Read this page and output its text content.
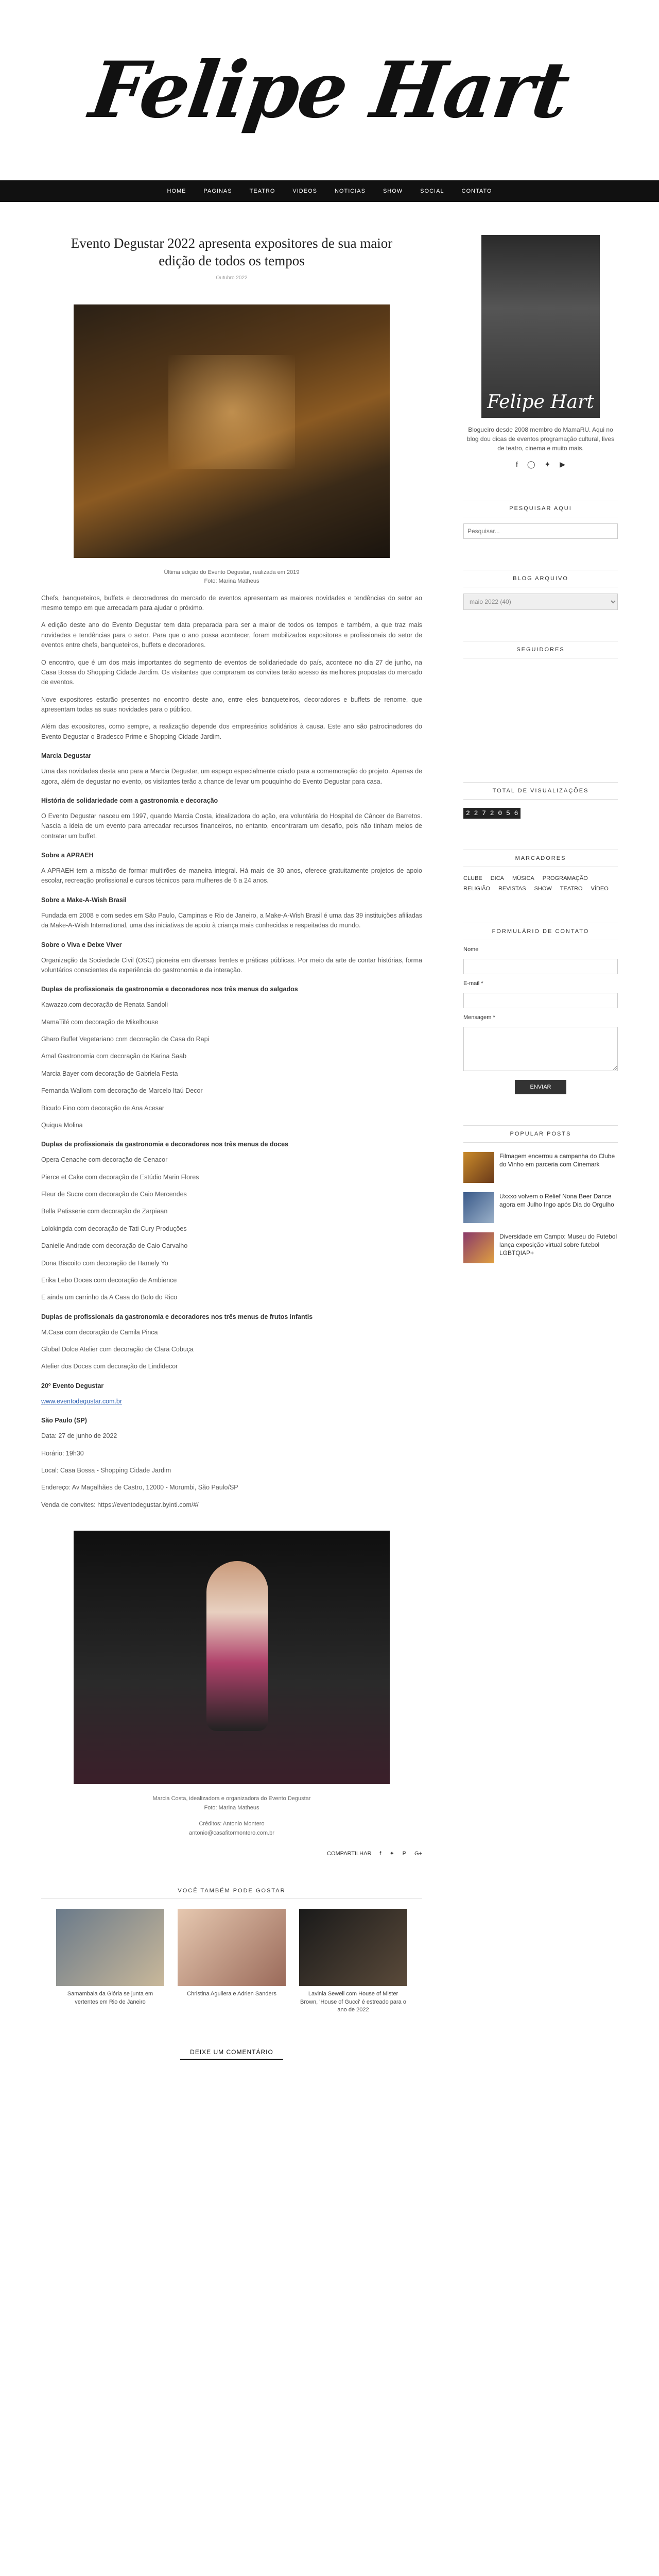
Felipe Hart
HOME	PAGINAS	TEATRO	VIDEOS	NOTICIAS	SHOW	SOCIAL	CONTATO
Evento Degustar 2022 apresenta expositores de sua maior edição de todos os tempos
Outubro 2022
Última edição do Evento Degustar, realizada em 2019
Foto: Marina Matheus

Chefs, banqueteiros, buffets e decoradores do mercado de eventos apresentam as maiores novidades e tendências do setor ao mesmo tempo em que arrecadam para ajudar o próximo.

A edição deste ano do Evento Degustar tem data preparada para ser a maior de todos os tempos e também, a que traz mais novidades e tendências para o setor. Para que o ano possa acontecer, foram mobilizados expositores e profissionais do setor de eventos entre chefs, banqueteiros, buffets e decoradores.

O encontro, que é um dos mais importantes do segmento de eventos de solidariedade do país, acontece no dia 27 de junho, na Casa Bossa do Shopping Cidade Jardim. Os visitantes que compraram os convites terão acesso às melhores propostas do mercado de eventos.

Nove expositores estarão presentes no encontro deste ano, entre eles banqueteiros, decoradores e buffets de renome, que apresentam todas as suas novidades para o público.

Além das expositores, como sempre, a realização depende dos empresários solidários à causa. Este ano são patrocinadores do Evento Degustar o Bradesco Prime e Shopping Cidade Jardim.

Marcia Degustar

Uma das novidades desta ano para a Marcia Degustar, um espaço especialmente criado para a comemoração do projeto. Apenas de agora, além de degustar no evento, os visitantes terão a chance de levar um pouquinho do Evento Degustar para casa.

História de solidariedade com a gastronomia e decoração

O Evento Degustar nasceu em 1997, quando Marcia Costa, idealizadora do ação, era voluntária do Hospital de Câncer de Barretos. Nascia a ideia de um evento para arrecadar recursos financeiros, no entanto, encontraram um desafio, pois não tinham meios de contratar um buffet.

Sobre a APRAEH

A APRAEH tem a missão de formar multirões de maneira integral. Há mais de 30 anos, oferece gratuitamente projetos de apoio escolar, recreação profissional e cursos técnicos para mulheres de 6 a 24 anos.

Sobre a Make-A-Wish Brasil

Fundada em 2008 e com sedes em São Paulo, Campinas e Rio de Janeiro, a Make-A-Wish Brasil é uma das 39 instituições afiliadas da Make-A-Wish International, uma das iniciativas de apoio à criança mais conhecidas e respeitadas do mundo.

Sobre o Viva e Deixe Viver

Organização da Sociedade Civil (OSC) pioneira em diversas frentes e práticas públicas. Por meio da arte de contar histórias, forma voluntários conscientes da experiência do gastronomia e da interação.

Duplas de profissionais da gastronomia e decoradores nos três menus do salgados

Kawazzo.com decoração de Renata Sandoli

MamaTilé com decoração de Mikelhouse

Gharo Buffet Vegetariano com decoração de Casa do Rapi

Amal Gastronomia com decoração de Karina Saab

Marcia Bayer com decoração de Gabriela Festa

Fernanda Wallom com decoração de Marcelo Itaú Decor

Bicudo Fino com decoração de Ana Acesar

Quiqua Molina

Duplas de profissionais da gastronomia e decoradores nos três menus de doces

Opera Cenache com decoração de Cenacor

Pierce et Cake com decoração de Estúdio Marin Flores

Fleur de Sucre com decoração de Caio Mercendes

Bella Patisserie com decoração de Zarpiaan

Lolokingda com decoração de Tati Cury Produções

Danielle Andrade com decoração de Caio Carvalho

Dona Biscoito com decoração de Hamely Yo

Erika Lebo Doces com decoração de Ambience

E ainda um carrinho da A Casa do Bolo do Rico

Duplas de profissionais da gastronomia e decoradores nos três menus de frutos infantis

M.Casa com decoração de Camila Pinca

Global Dolce Atelier com decoração de Clara Cobuça

Atelier dos Doces com decoração de Lindidecor

20º Evento Degustar

www.eventodegustar.com.br

São Paulo (SP)

Data: 27 de junho de 2022

Horário: 19h30

Local: Casa Bossa - Shopping Cidade Jardim

Endereço: Av Magalhães de Castro, 12000 - Morumbi, São Paulo/SP

Venda de convites: https://eventodegustar.byinti.com/#/

Marcia Costa, idealizadora e organizadora do Evento Degustar
Foto: Marina Matheus
Créditos: Antonio Montero
antonio@casafitormontero.com.br
COMPARTILHAR f ✦ P G+
VOCÊ TAMBÉM PODE GOSTAR
Samambaia da Glória se junta em vertentes em Rio de Janeiro
Christina Aguilera e Adrien Sanders	Lavinia Sewell com House of Mister Brown, 'House of Gucci' é estreado para o ano de 2022
DEIXE UM COMENTÁRIO
Felipe Hart
Blogueiro desde 2008 membro do MamaRU. Aqui no blog dou dicas de eventos programação cultural, lives de teatro, cinema e muito mais.
f ◯ ✦ ▶
PESQUISAR AQUI
Pesquisar...
BLOG ARQUIVO
maio 2022 (40)
SEGUIDORES
TOTAL DE VISUALIZAÇÕES
2 2 7 2 0 5 6
MARCADORES
CLUBE DICA MÚSICA PROGRAMAÇÃO
RELIGIÃO REVISTAS SHOW TEATRO VÍDEO
FORMULÁRIO DE CONTATO
Nome
E-mail *
Mensagem *
ENVIAR
POPULAR POSTS
Filmagem encerrou a campanha do Clube do Vinho em parceria com Cinemark
Uxxxo volvem o Relief Nona Beer Dance agora em Julho Ingo após Dia do Orgulho
Diversidade em Campo: Museu do Futebol lança exposição virtual sobre futebol LGBTQIAP+
